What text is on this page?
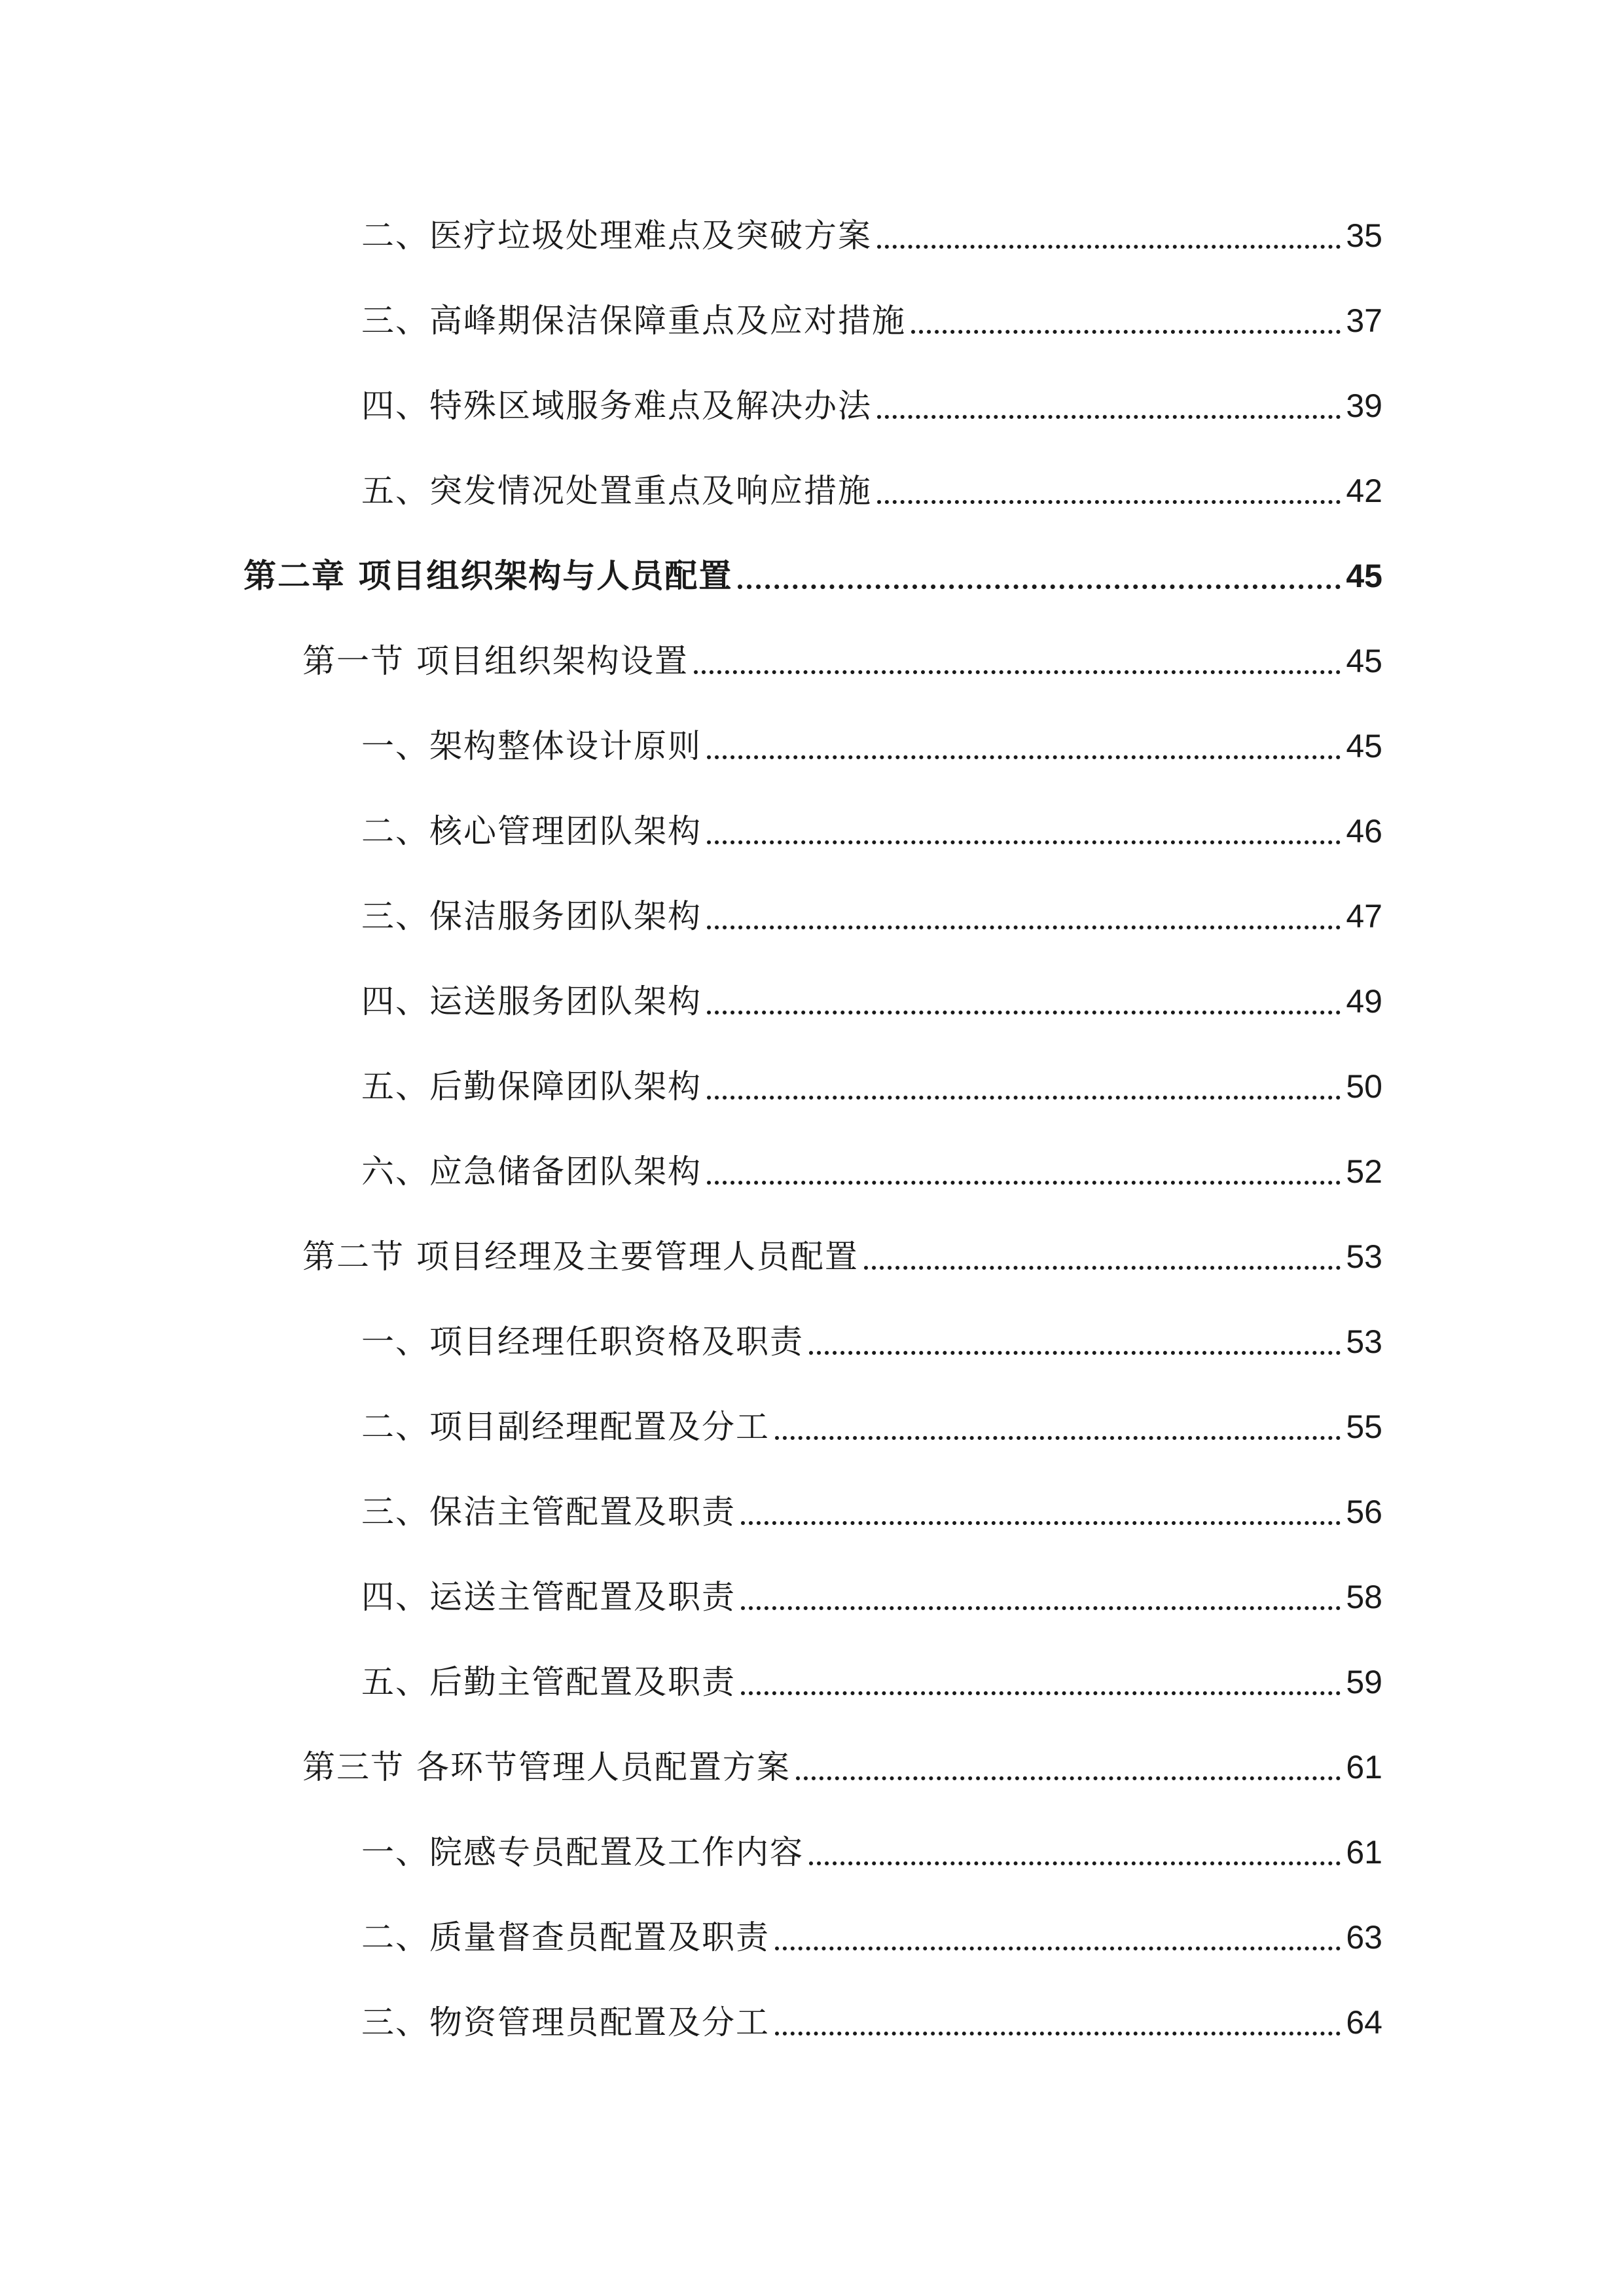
二、医疗垃圾处理难点及突破方案	35
三、高峰期保洁保障重点及应对措施	37
四、特殊区域服务难点及解决办法	39
五、突发情况处置重点及响应措施	42
第二章 项目组织架构与人员配置	45
第一节 项目组织架构设置	45
一、架构整体设计原则	45
二、核心管理团队架构	46
三、保洁服务团队架构	47
四、运送服务团队架构	49
五、后勤保障团队架构	50
六、应急储备团队架构	52
第二节 项目经理及主要管理人员配置	53
一、项目经理任职资格及职责	53
二、项目副经理配置及分工	55
三、保洁主管配置及职责	56
四、运送主管配置及职责	58
五、后勤主管配置及职责	59
第三节 各环节管理人员配置方案	61
一、院感专员配置及工作内容	61
二、质量督查员配置及职责	63
三、物资管理员配置及分工	64
